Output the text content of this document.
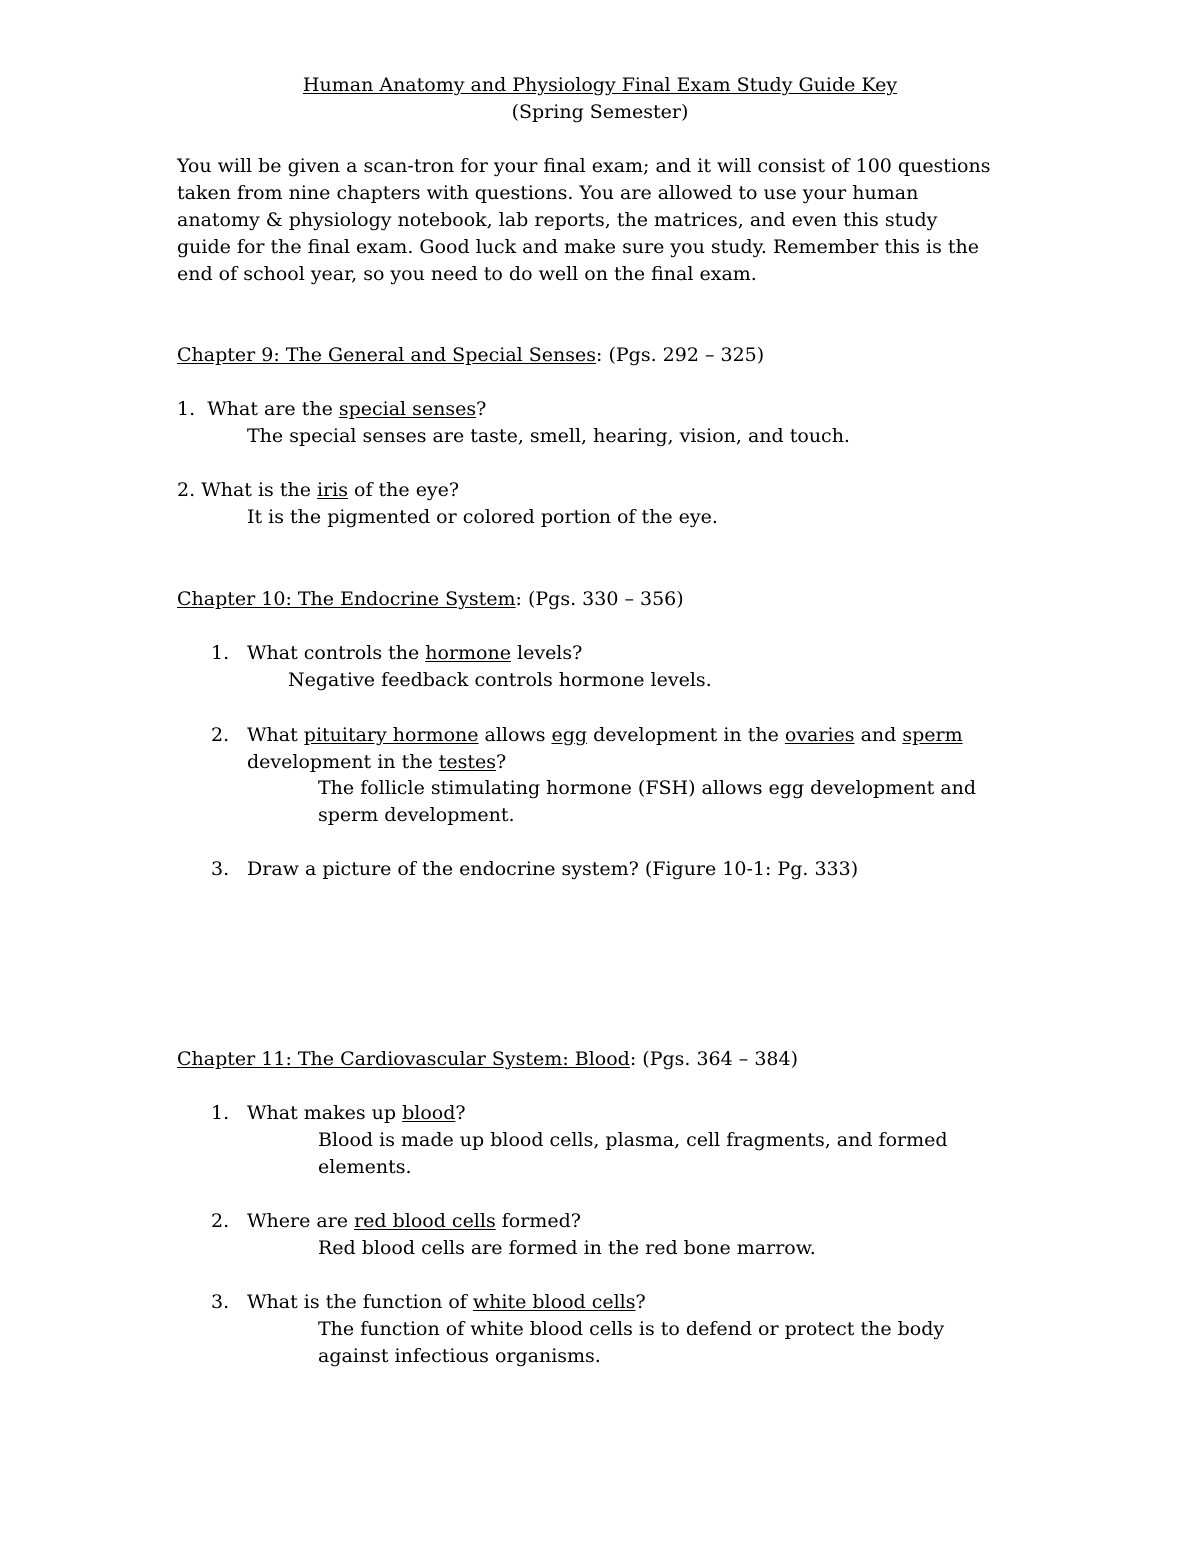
Human Anatomy and Physiology Final Exam Study Guide Key
(Spring Semester)
You will be given a scan-tron for your final exam; and it will consist of 100 questions
taken from nine chapters with questions. You are allowed to use your human
anatomy & physiology notebook, lab reports, the matrices, and even this study
guide for the final exam. Good luck and make sure you study. Remember this is the
end of school year, so you need to do well on the final exam.
Chapter 9: The General and Special Senses: (Pgs. 292 – 325)
1. What are the special senses?
The special senses are taste, smell, hearing, vision, and touch.
2. What is the iris of the eye?
It is the pigmented or colored portion of the eye.
Chapter 10: The Endocrine System: (Pgs. 330 – 356)
1. What controls the hormone levels?
Negative feedback controls hormone levels.
2. What pituitary hormone allows egg development in the ovaries and sperm
development in the testes?
The follicle stimulating hormone (FSH) allows egg development and
sperm development.
3. Draw a picture of the endocrine system? (Figure 10-1: Pg. 333)
Chapter 11: The Cardiovascular System: Blood: (Pgs. 364 – 384)
1. What makes up blood?
Blood is made up blood cells, plasma, cell fragments, and formed
elements.
2. Where are red blood cells formed?
Red blood cells are formed in the red bone marrow.
3. What is the function of white blood cells?
The function of white blood cells is to defend or protect the body
against infectious organisms.
